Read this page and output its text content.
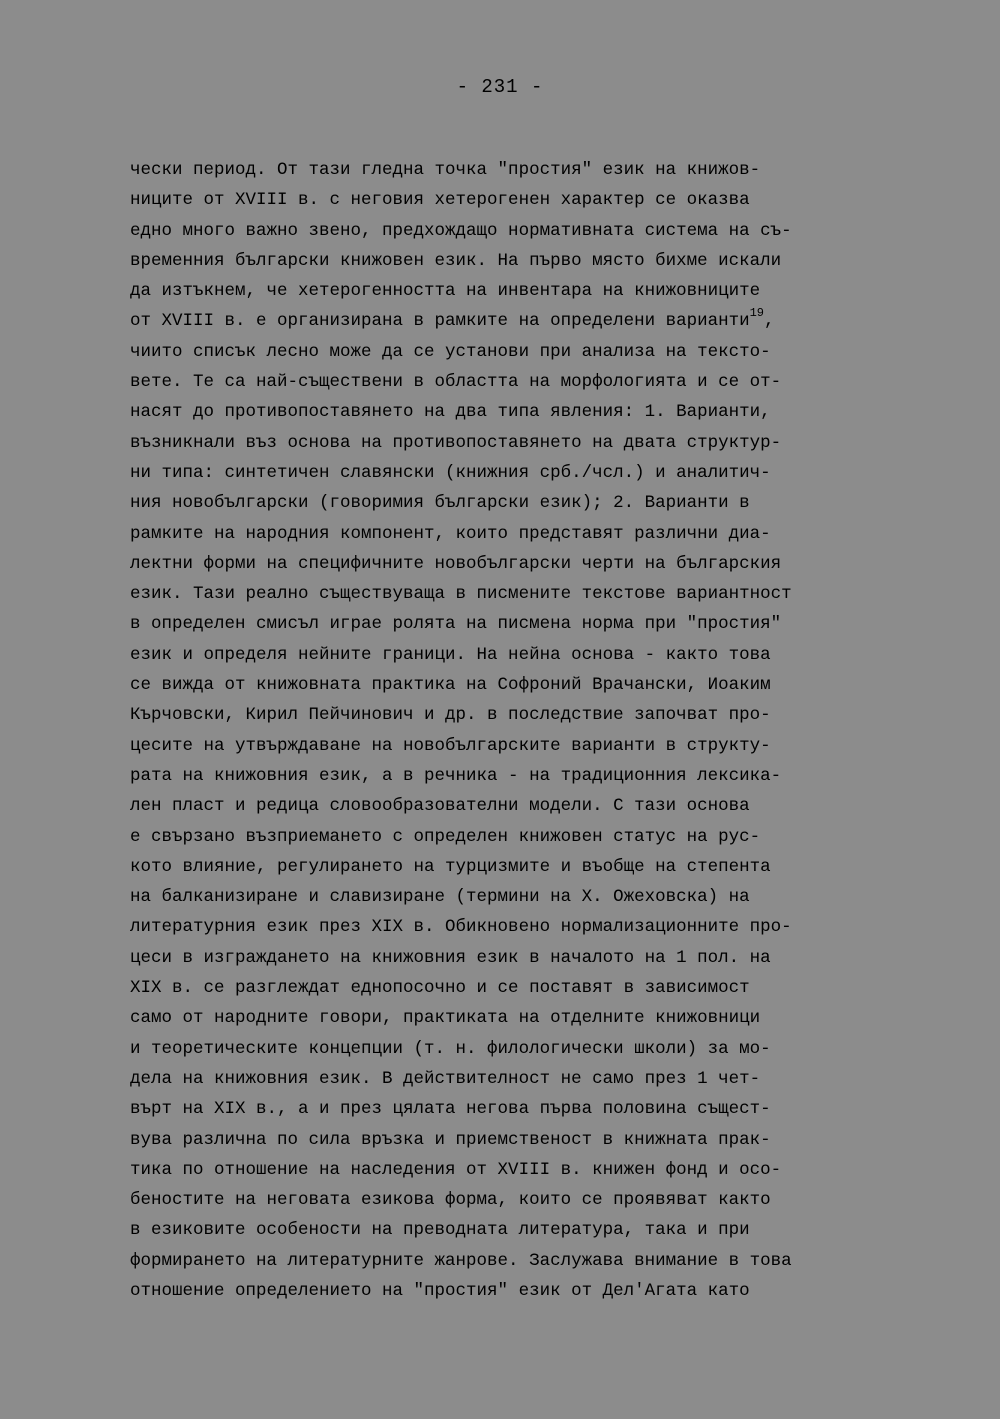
- 231 -
чески период. От тази гледна точка "простия" език на книжов-
ниците от XVIII в. с неговия хетерогенен характер се оказва
едно много важно звено, предхождащо нормативната система на съ-
временния български книжовен език. На първо място бихме искали
да изтъкнем, че хетерогенността на инвентара на книжовниците
от XVIII в. е организирана в рамките на определени варианти$^{19}$,
чиито списък лесно може да се установи при анализа на тексто-
вете. Те са най-съществени в областта на морфологията и се от-
насят до противопоставянето на два типа явления: 1. Варианти,
възникнали въз основа на противопоставянето на двата структур-
ни типа: синтетичен славянски (книжния срб./чсл.) и аналитич-
ния новобългарски (говоримия български език); 2. Варианти в
рамките на народния компонент, които представят различни диа-
лектни форми на специфичните новобългарски черти на българския
език. Тази реално съществуваща в писмените текстове вариантност
в определен смисъл играе ролята на писмена норма при "простия"
език и определя нейните граници. На нейна основа - както това
се вижда от книжовната практика на Софроний Врачански, Иоаким
Кърчовски, Кирил Пейчинович и др. в последствие започват про-
цесите на утвърждаване на новобългарските варианти в структу-
рата на книжовния език, а в речника - на традиционния лексика-
лен пласт и редица словообразователни модели. С тази основа
е свързано възприемането с определен книжовен статус на рус-
кото влияние, регулирането на турцизмите и въобще на степента
на балканизиране и славизиране (термини на Х. Ожеховска) на
литературния език през XIX в. Обикновено нормализационните про-
цеси в изграждането на книжовния език в началото на 1 пол. на
XIX в. се разглеждат еднопосочно и се поставят в зависимост
само от народните говори, практиката на отделните книжовници
и теоретическите концепции (т. н. филологически школи) за мо-
дела на книжовния език. В действителност не само през 1 чет-
върт на XIX в., а и през цялата негова първа половина същест-
вува различна по сила връзка и приемственост в книжната прак-
тика по отношение на наследения от XVIII в. книжен фонд и осо-
беностите на неговата езикова форма, които се проявяват както
в езиковите особености на преводната литература, така и при
формирането на литературните жанрове. Заслужава внимание в това
отношение определението на "простия" език от Дел'Агата като
